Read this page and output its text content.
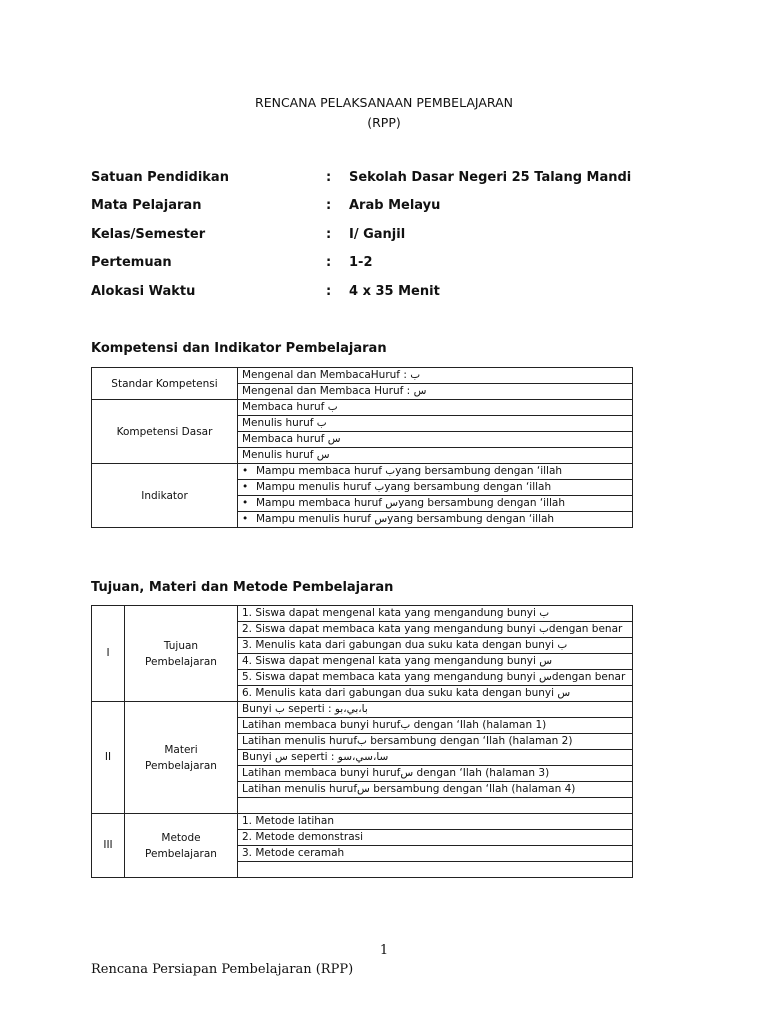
RENCANA PELAKSANAAN PEMBELAJARAN
(RPP)
Satuan Pendidikan	: Sekolah Dasar Negeri 25 Talang Mandi
Mata Pelajaran	: Arab Melayu
Kelas/Semester	: I/ Ganjil
Pertemuan	: 1-2
Alokasi Waktu	: 4 x 35 Menit
Kompetensi dan Indikator Pembelajaran
Standar Kompetensi	Mengenal dan MembacaHuruf : ب
	Mengenal dan Membaca Huruf : س
Kompetensi Dasar	Membaca huruf ب
	Menulis huruf ب
	Membaca huruf س
	Menulis huruf س
Indikator	• Mampu membaca huruf بyang bersambung dengan ‘illah
	• Mampu menulis huruf بyang bersambung dengan ‘illah
	• Mampu membaca huruf سyang bersambung dengan ‘illah
	• Mampu menulis huruf سyang bersambung dengan ‘illah
Tujuan, Materi dan Metode Pembelajaran
I	Tujuan Pembelajaran	1. Siswa dapat mengenal kata yang mengandung bunyi ب
		2. Siswa dapat membaca kata yang mengandung bunyi بdengan benar
		3. Menulis kata dari gabungan dua suku kata dengan bunyi ب
		4. Siswa dapat mengenal kata yang mengandung bunyi س
		5. Siswa dapat membaca kata yang mengandung bunyi سdengan benar
		6. Menulis kata dari gabungan dua suku kata dengan bunyi س
II	Materi Pembelajaran	Bunyi ب seperti : با،بي،بو
		Latihan membaca bunyi hurufب dengan ‘Ilah (halaman 1)
		Latihan menulis hurufب bersambung dengan ‘Ilah (halaman 2)
		Bunyi س seperti : سا،سي،سو
		Latihan membaca bunyi hurufس dengan ‘Ilah (halaman 3)
		Latihan menulis hurufس bersambung dengan ‘Ilah (halaman 4)

III	Metode Pembelajaran	1. Metode latihan
		2. Metode demonstrasi
		3. Metode ceramah

1
Rencana Persiapan Pembelajaran (RPP)
